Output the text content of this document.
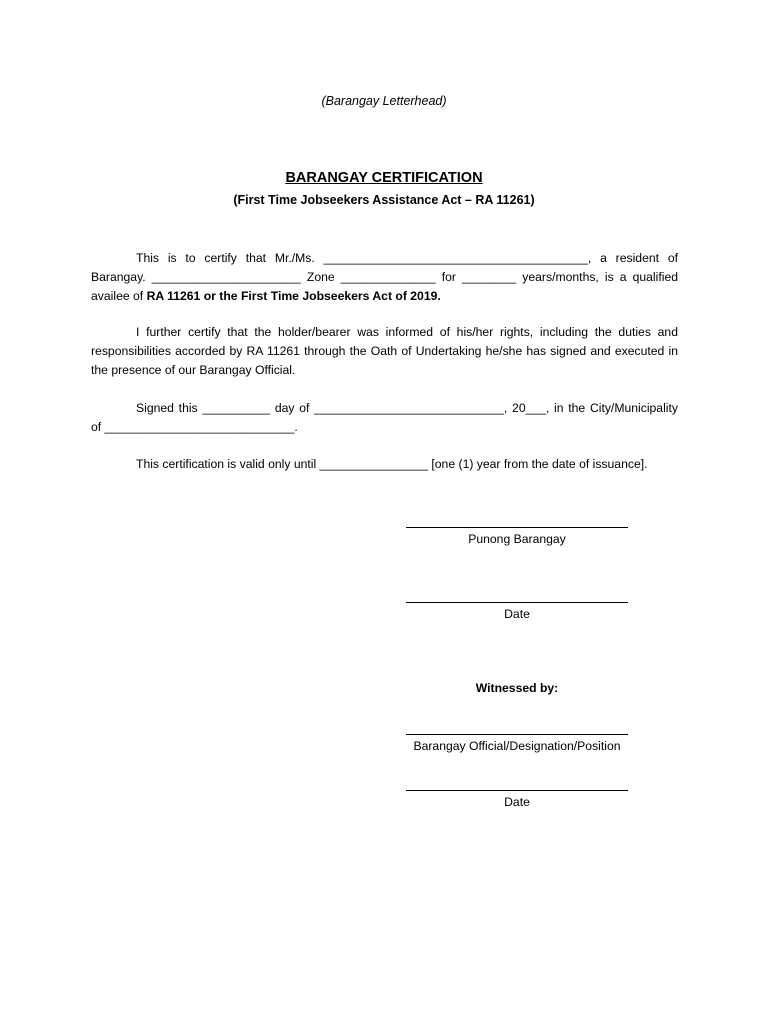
(Barangay Letterhead)
BARANGAY CERTIFICATION
(First Time Jobseekers Assistance Act – RA 11261)
This is to certify that Mr./Ms. _______________________________________, a resident of Barangay. ______________________ Zone ______________ for ________ years/months, is a qualified availee of RA 11261 or the First Time Jobseekers Act of 2019.
I further certify that the holder/bearer was informed of his/her rights, including the duties and responsibilities accorded by RA 11261 through the Oath of Undertaking he/she has signed and executed in the presence of our Barangay Official.
Signed this __________ day of ____________________________, 20___, in the City/Municipality of ____________________________.
This certification is valid only until ________________ [one (1) year from the date of issuance].
Punong Barangay
Date
Witnessed by:
Barangay Official/Designation/Position
Date
